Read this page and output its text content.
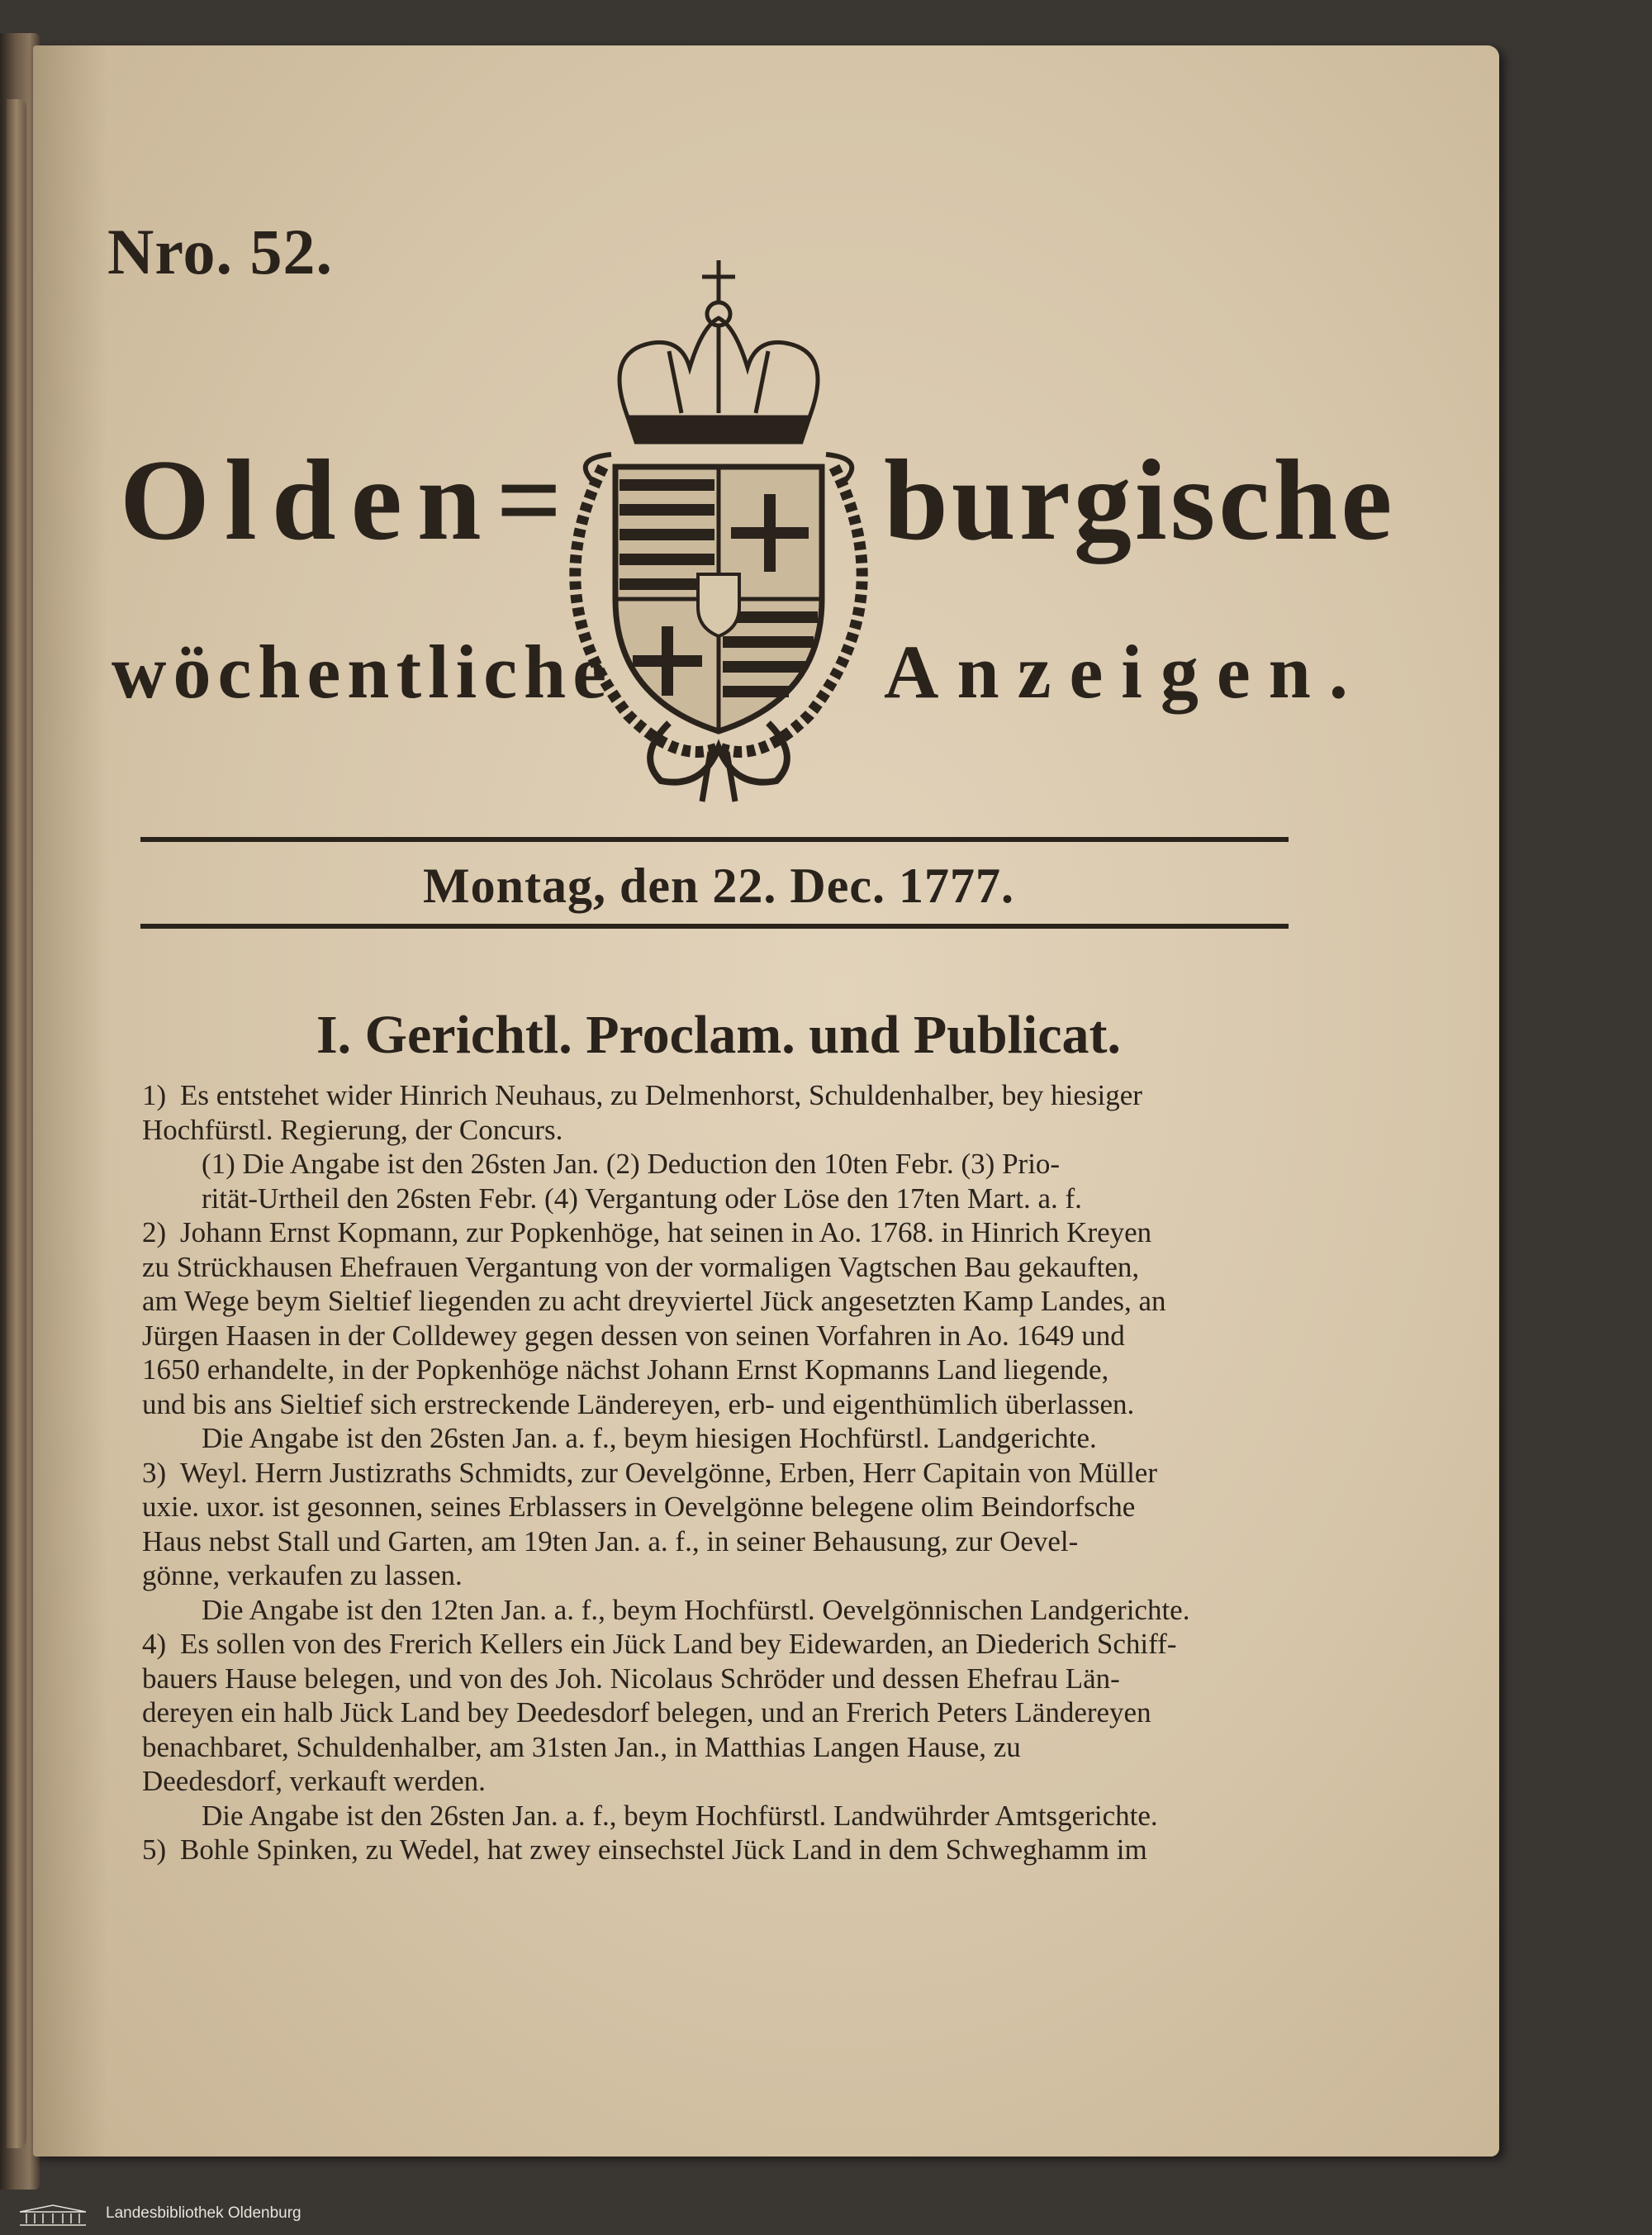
Nro. 52.
Olden=	burgische
wöchentliche	Anzeigen.
Montag, den 22. Dec. 1777.
I. Gerichtl. Proclam. und Publicat.
1) Es entstehet wider Hinrich Neuhaus, zu Delmenhorst, Schuldenhalber, bey hiesiger
Hochfürstl. Regierung, der Concurs.
(1) Die Angabe ist den 26sten Jan. (2) Deduction den 10ten Febr. (3) Prio-
rität-Urtheil den 26sten Febr. (4) Vergantung oder Löse den 17ten Mart. a. f.
2) Johann Ernst Kopmann, zur Popkenhöge, hat seinen in Ao. 1768. in Hinrich Kreyen
zu Strückhausen Ehefrauen Vergantung von der vormaligen Vagtschen Bau gekauften,
am Wege beym Sieltief liegenden zu acht dreyviertel Jück angesetzten Kamp Landes, an
Jürgen Haasen in der Colldewey gegen dessen von seinen Vorfahren in Ao. 1649 und
1650 erhandelte, in der Popkenhöge nächst Johann Ernst Kopmanns Land liegende,
und bis ans Sieltief sich erstreckende Ländereyen, erb- und eigenthümlich überlassen.
Die Angabe ist den 26sten Jan. a. f., beym hiesigen Hochfürstl. Landgerichte.
3) Weyl. Herrn Justizraths Schmidts, zur Oevelgönne, Erben, Herr Capitain von Müller
uxie. uxor. ist gesonnen, seines Erblassers in Oevelgönne belegene olim Beindorfsche
Haus nebst Stall und Garten, am 19ten Jan. a. f., in seiner Behausung, zur Oevel-
gönne, verkaufen zu lassen.
Die Angabe ist den 12ten Jan. a. f., beym Hochfürstl. Oevelgönnischen Landgerichte.
4) Es sollen von des Frerich Kellers ein Jück Land bey Eidewarden, an Diederich Schiff-
bauers Hause belegen, und von des Joh. Nicolaus Schröder und dessen Ehefrau Län-
dereyen ein halb Jück Land bey Deedesdorf belegen, und an Frerich Peters Ländereyen
benachbaret, Schuldenhalber, am 31sten Jan., in Matthias Langen Hause, zu
Deedesdorf, verkauft werden.
Die Angabe ist den 26sten Jan. a. f., beym Hochfürstl. Landwührder Amtsgerichte.
5) Bohle Spinken, zu Wedel, hat zwey einsechstel Jück Land in dem Schweghamm im
Landesbibliothek Oldenburg
